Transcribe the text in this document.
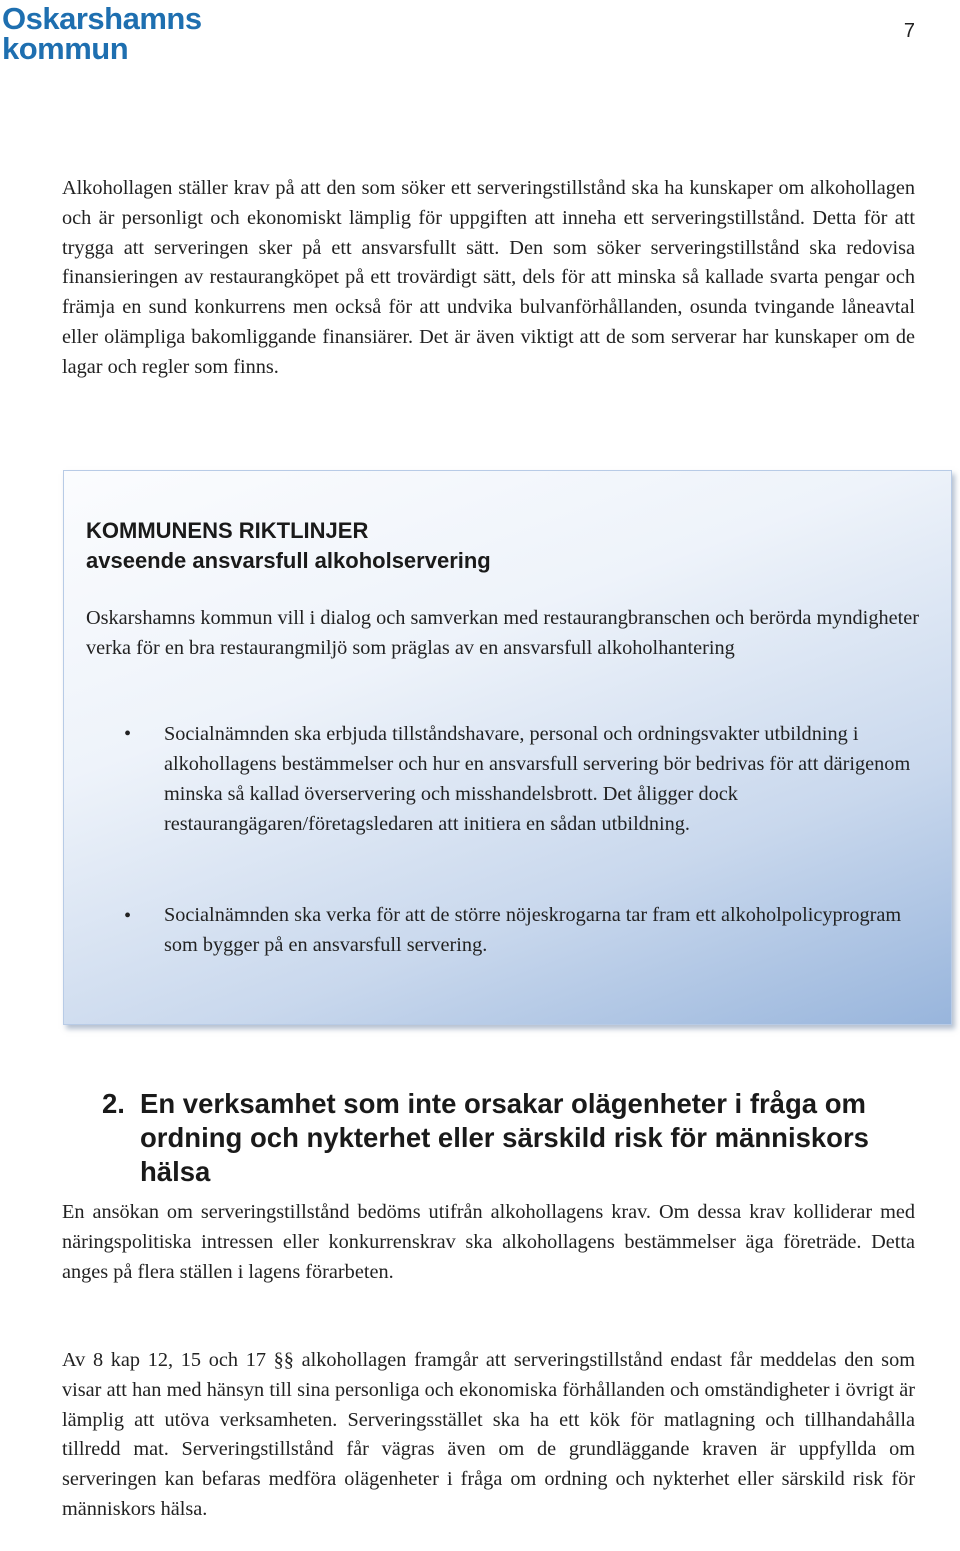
Oskarshamns
kommun	7

Alkohollagen ställer krav på att den som söker ett serveringstillstånd ska ha kunskaper om alkohollagen och är personligt och ekonomiskt lämplig för uppgiften att inneha ett serveringstillstånd. Detta för att trygga att serveringen sker på ett ansvarsfullt sätt. Den som söker serveringstillstånd ska redovisa finansieringen av restaurangköpet på ett trovärdigt sätt, dels för att minska så kallade svarta pengar och främja en sund konkurrens men också för att undvika bulvanförhållanden, osunda tvingande låneavtal eller olämpliga bakomliggande finansiärer. Det är även viktigt att de som serverar har kunskaper om de lagar och regler som finns.

KOMMUNENS RIKTLINJER
avseende ansvarsfull alkoholservering

Oskarshamns kommun vill i dialog och samverkan med restaurangbranschen och berörda myndigheter verka för en bra restaurangmiljö som präglas av en ansvarsfull alkoholhantering

• Socialnämnden ska erbjuda tillståndshavare, personal och ordningsvakter utbildning i alkohollagens bestämmelser och hur en ansvarsfull servering bör bedrivas för att därigenom minska så kallad överservering och misshandelsbrott. Det åligger dock restaurangägaren/företagsledaren att initiera en sådan utbildning.

• Socialnämnden ska verka för att de större nöjeskrogarna tar fram ett alkoholpolicyprogram som bygger på en ansvarsfull servering.

2. En verksamhet som inte orsakar olägenheter i fråga om ordning och nykterhet eller särskild risk för människors hälsa

En ansökan om serveringstillstånd bedöms utifrån alkohollagens krav. Om dessa krav kolliderar med näringspolitiska intressen eller konkurrenskrav ska alkohollagens bestämmelser äga företräde. Detta anges på flera ställen i lagens förarbeten.

Av 8 kap 12, 15 och 17 §§ alkohollagen framgår att serveringstillstånd endast får meddelas den som visar att han med hänsyn till sina personliga och ekonomiska förhållanden och omständigheter i övrigt är lämplig att utöva verksamheten. Serveringsstället ska ha ett kök för matlagning och tillhandahålla tillredd mat. Serveringstillstånd får vägras även om de grundläggande kraven är uppfyllda om serveringen kan befaras medföra olägenheter i fråga om ordning och nykterhet eller särskild risk för människors hälsa.
